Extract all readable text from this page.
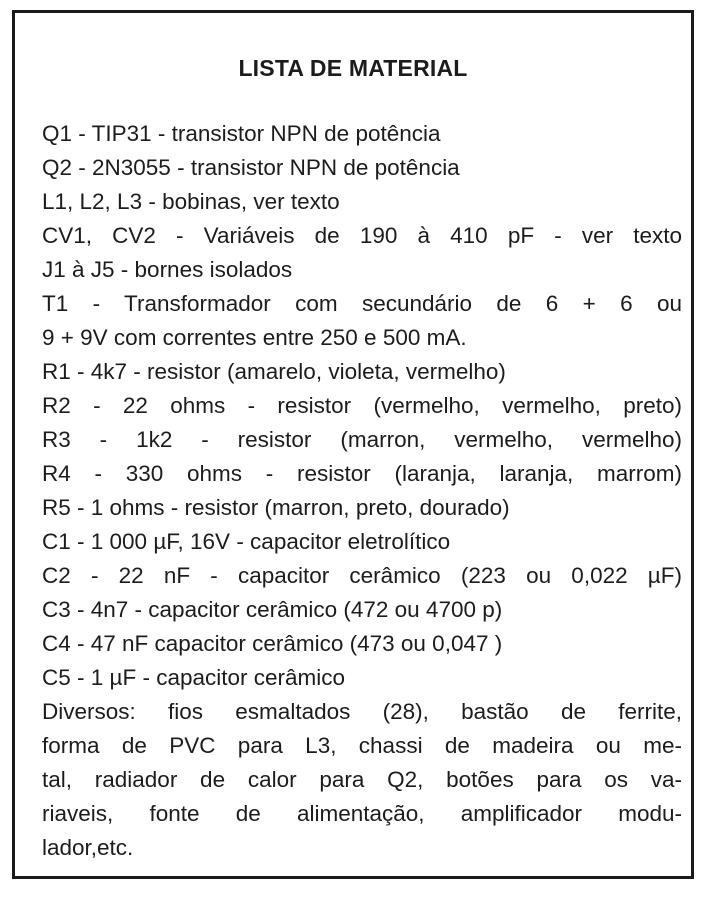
LISTA DE MATERIAL
Q1 - TIP31 - transistor NPN de potência
Q2 - 2N3055 - transistor NPN de potência
L1, L2, L3 - bobinas, ver texto
CV1, CV2 - Variáveis de 190 à 410 pF - ver texto
J1 à J5 - bornes isolados
T1 - Transformador com secundário de 6 + 6 ou
9 + 9V com correntes entre 250 e 500 mA.
R1 - 4k7 - resistor (amarelo, violeta, vermelho)
R2 - 22 ohms - resistor (vermelho, vermelho, preto)
R3 - 1k2 - resistor (marron, vermelho, vermelho)
R4 - 330 ohms - resistor (laranja, laranja, marrom)
R5 - 1 ohms - resistor (marron, preto, dourado)
C1 - 1 000 µF, 16V - capacitor eletrolítico
C2 - 22 nF - capacitor cerâmico (223 ou 0,022 µF)
C3 - 4n7 - capacitor cerâmico (472 ou 4700 p)
C4 - 47 nF capacitor cerâmico (473 ou 0,047 )
C5 - 1 µF - capacitor cerâmico
Diversos: fios esmaltados (28), bastão de ferrite,
forma de PVC para L3, chassi de madeira ou me-
tal, radiador de calor para Q2, botões para os va-
riaveis, fonte de alimentação, amplificador modu-
lador,etc.
